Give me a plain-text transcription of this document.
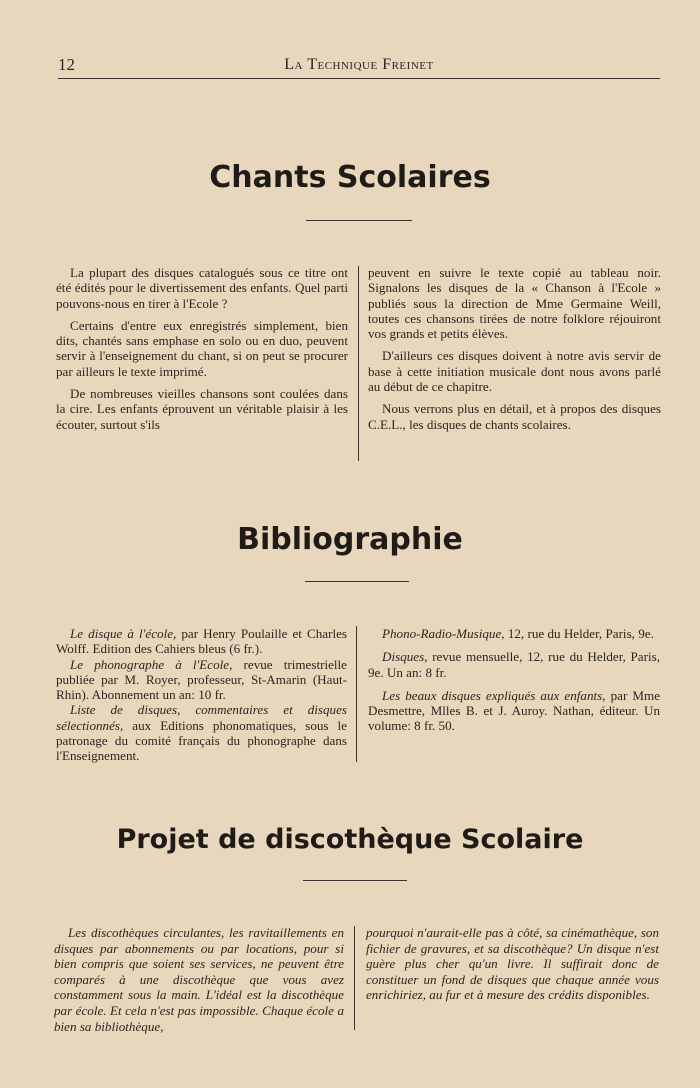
12	La Technique Freinet
Chants Scolaires

La plupart des disques catalogués sous ce titre ont été édités pour le divertissement des enfants. Quel parti pouvons-nous en tirer à l'Ecole ?

Certains d'entre eux enregistrés simplement, bien dits, chantés sans emphase en solo ou en duo, peuvent servir à l'enseignement du chant, si on peut se procurer par ailleurs le texte imprimé.

De nombreuses vieilles chansons sont coulées dans la cire. Les enfants éprouvent un véritable plaisir à les écouter, surtout s'ils

peuvent en suivre le texte copié au tableau noir. Signalons les disques de la « Chanson à l'Ecole » publiés sous la direction de Mme Germaine Weill, toutes ces chansons tirées de notre folklore réjouiront vos grands et petits élèves.

D'ailleurs ces disques doivent à notre avis servir de base à cette initiation musicale dont nous avons parlé au début de ce chapitre.

Nous verrons plus en détail, et à propos des disques C.E.L., les disques de chants scolaires.

Bibliographie

Le disque à l'école, par Henry Poulaille et Charles Wolff. Edition des Cahiers bleus (6 fr.).

Le phonographe à l'Ecole, revue trimestrielle publiée par M. Royer, professeur, St-Amarin (Haut-Rhin). Abonnement un an: 10 fr.

Liste de disques, commentaires et disques sélectionnés, aux Editions phonomatiques, sous le patronage du comité français du phonographe dans l'Enseignement.

Phono-Radio-Musique, 12, rue du Helder, Paris, 9e.

Disques, revue mensuelle, 12, rue du Helder, Paris, 9e. Un an: 8 fr.

Les beaux disques expliqués aux enfants, par Mme Desmettre, Mlles B. et J. Auroy. Nathan, éditeur. Un volume: 8 fr. 50.

Projet de discothèque Scolaire

Les discothèques circulantes, les ravitaillements en disques par abonnements ou par locations, pour si bien compris que soient ses services, ne peuvent être comparés à une discothèque que vous avez constamment sous la main. L'idéal est la discothèque par école. Et cela n'est pas impossible. Chaque école a bien sa bibliothèque,

pourquoi n'aurait-elle pas à côté, sa cinémathèque, son fichier de gravures, et sa discothèque? Un disque n'est guère plus cher qu'un livre. Il suffirait donc de constituer un fond de disques que chaque année vous enrichiriez, au fur et à mesure des crédits disponibles.
